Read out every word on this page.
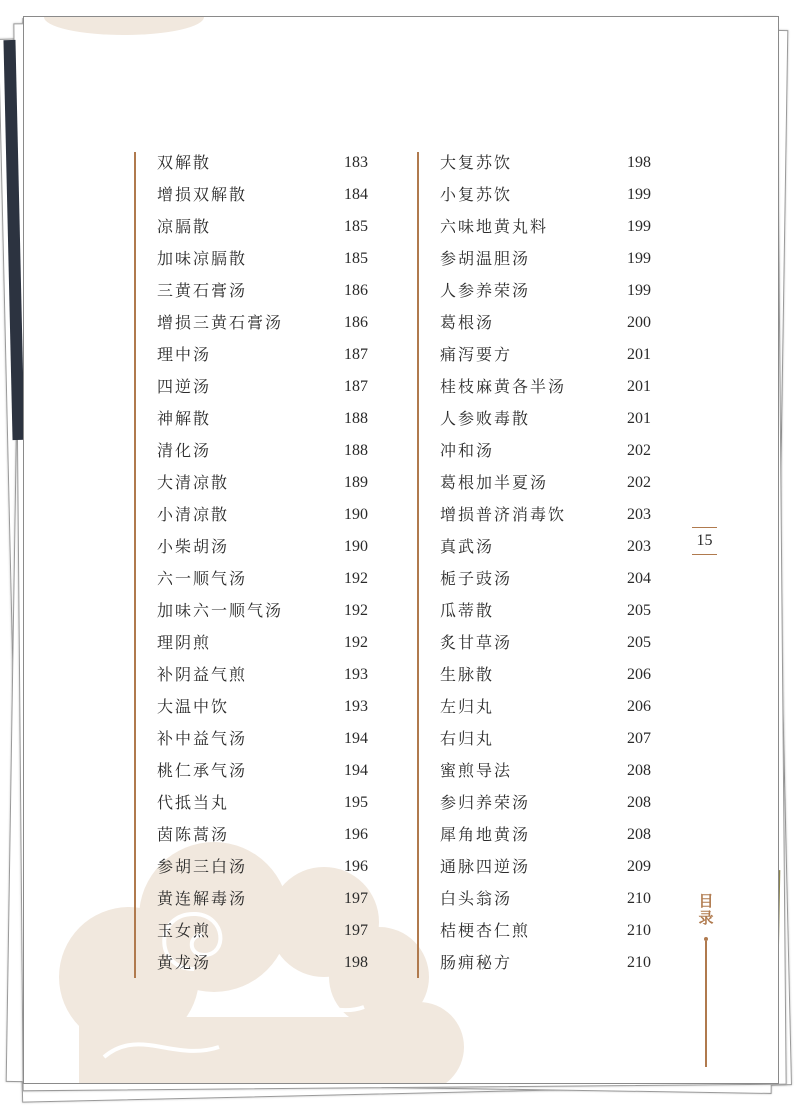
双解散	183
增损双解散	184
凉膈散	185
加味凉膈散	185
三黄石膏汤	186
增损三黄石膏汤	186
理中汤	187
四逆汤	187
神解散	188
清化汤	188
大清凉散	189
小清凉散	190
小柴胡汤	190
六一顺气汤	192
加味六一顺气汤	192
理阴煎	192
补阴益气煎	193
大温中饮	193
补中益气汤	194
桃仁承气汤	194
代抵当丸	195
茵陈蒿汤	196
参胡三白汤	196
黄连解毒汤	197
玉女煎	197
黄龙汤	198
大复苏饮	198
小复苏饮	199
六味地黄丸料	199
参胡温胆汤	199
人参养荣汤	199
葛根汤	200
痛泻要方	201
桂枝麻黄各半汤	201
人参败毒散	201
冲和汤	202
葛根加半夏汤	202
增损普济消毒饮	203
真武汤	203
栀子豉汤	204
瓜蒂散	205
炙甘草汤	205
生脉散	206
左归丸	206
右归丸	207
蜜煎导法	208
参归养荣汤	208
犀角地黄汤	208
通脉四逆汤	209
白头翁汤	210
桔梗杏仁煎	210
肠痈秘方	210
15
目录
